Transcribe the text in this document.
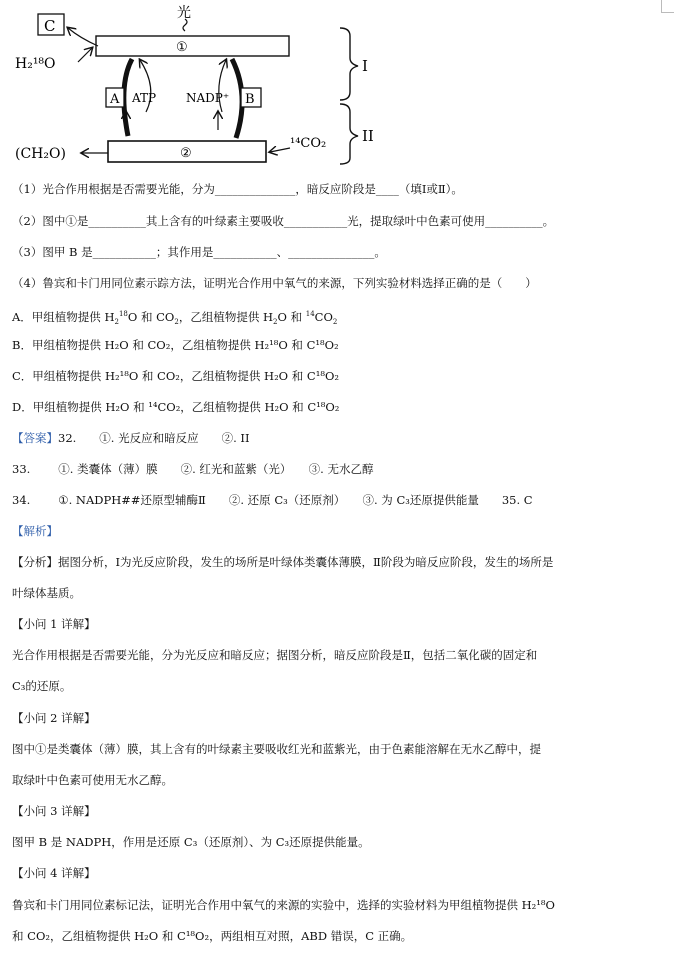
C
光
①
H₂¹⁸O
A ATP NADP⁺ B
②
¹⁴CO₂
(CH₂O)
I
II
（1）光合作用根据是否需要光能，分为______________，暗反应阶段是____（填Ⅰ或Ⅱ）。
（2）图中①是__________其上含有的叶绿素主要吸收___________光，提取绿叶中色素可使用__________。
（3）图甲 B 是___________；其作用是___________、_______________。
（4）鲁宾和卡门用同位素示踪方法，证明光合作用中氧气的来源，下列实验材料选择正确的是（　　）
A．甲组植物提供 $H_2^{18}O$ 和 $CO_2$，乙组植物提供 $H_2O$ 和 $^{14}CO_2$
B．甲组植物提供 H₂O 和 CO₂，乙组植物提供 H₂¹⁸O 和 C¹⁸O₂
C．甲组植物提供 H₂¹⁸O 和 CO₂，乙组植物提供 H₂O 和 C¹⁸O₂
D．甲组植物提供 H₂O 和 ¹⁴CO₂，乙组植物提供 H₂O 和 C¹⁸O₂
【答案】32.　　①. 光反应和暗反应　　②. II
33. ①. 类囊体（薄）膜　　②. 红光和蓝紫（光）　　③. 无水乙醇
34. ①. NADPH##还原型辅酶Ⅱ　　②. 还原 C₃（还原剂）　　③. 为 C₃还原提供能量　　35. C
【解析】
【分析】据图分析，Ⅰ为光反应阶段，发生的场所是叶绿体类囊体薄膜，Ⅱ阶段为暗反应阶段，发生的场所是
叶绿体基质。
【小问 1 详解】
光合作用根据是否需要光能，分为光反应和暗反应；据图分析，暗反应阶段是Ⅱ，包括二氧化碳的固定和
C₃的还原。
【小问 2 详解】
图中①是类囊体（薄）膜，其上含有的叶绿素主要吸收红光和蓝紫光，由于色素能溶解在无水乙醇中，提
取绿叶中色素可使用无水乙醇。
【小问 3 详解】
图甲 B 是 NADPH，作用是还原 C₃（还原剂）、为 C₃还原提供能量。
【小问 4 详解】
鲁宾和卡门用同位素标记法，证明光合作用中氧气的来源的实验中，选择的实验材料为甲组植物提供 H₂¹⁸O
和 CO₂，乙组植物提供 H₂O 和 C¹⁸O₂，两组相互对照，ABD 错误，C 正确。
